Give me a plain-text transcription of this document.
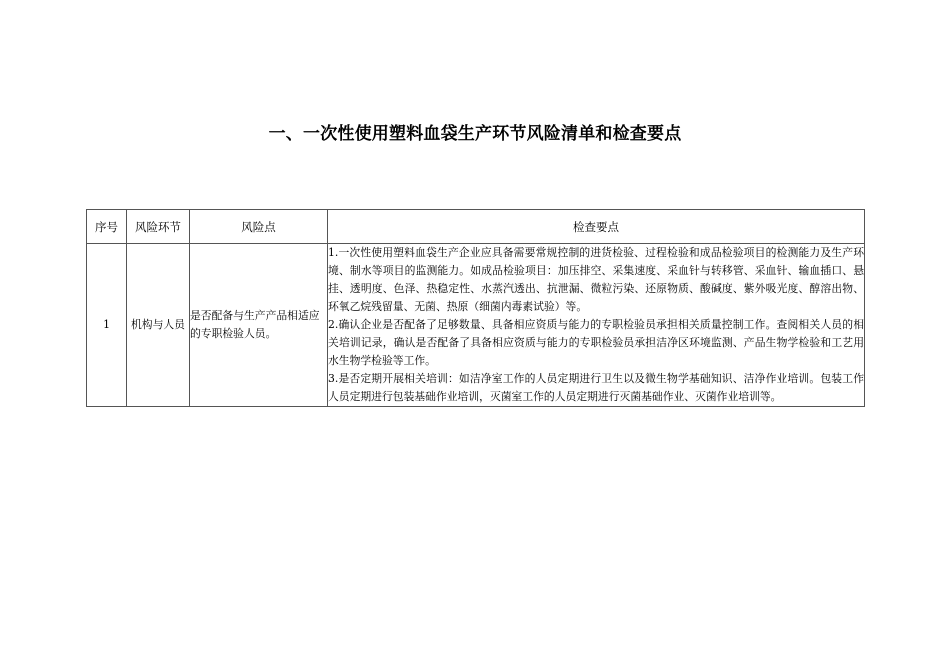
一、一次性使用塑料血袋生产环节风险清单和检查要点
序号	风险环节	风险点	检查要点
1	机构与人员	是否配备与生产产品相适应的专职检验人员。	1.一次性使用塑料血袋生产企业应具备需要常规控制的进货检验、过程检验和成品检验项目的检测能力及生产环境、制水等项目的监测能力。如成品检验项目：加压排空、采集速度、采血针与转移管、采血针、输血插口、悬挂、透明度、色泽、热稳定性、水蒸汽透出、抗泄漏、微粒污染、还原物质、酸碱度、紫外吸光度、醇溶出物、环氧乙烷残留量、无菌、热原（细菌内毒素试验）等。
2.确认企业是否配备了足够数量、具备相应资质与能力的专职检验员承担相关质量控制工作。查阅相关人员的相关培训记录，确认是否配备了具备相应资质与能力的专职检验员承担洁净区环境监测、产品生物学检验和工艺用水生物学检验等工作。
3.是否定期开展相关培训：如洁净室工作的人员定期进行卫生以及微生物学基础知识、洁净作业培训。包装工作人员定期进行包装基础作业培训，灭菌室工作的人员定期进行灭菌基础作业、灭菌作业培训等。
